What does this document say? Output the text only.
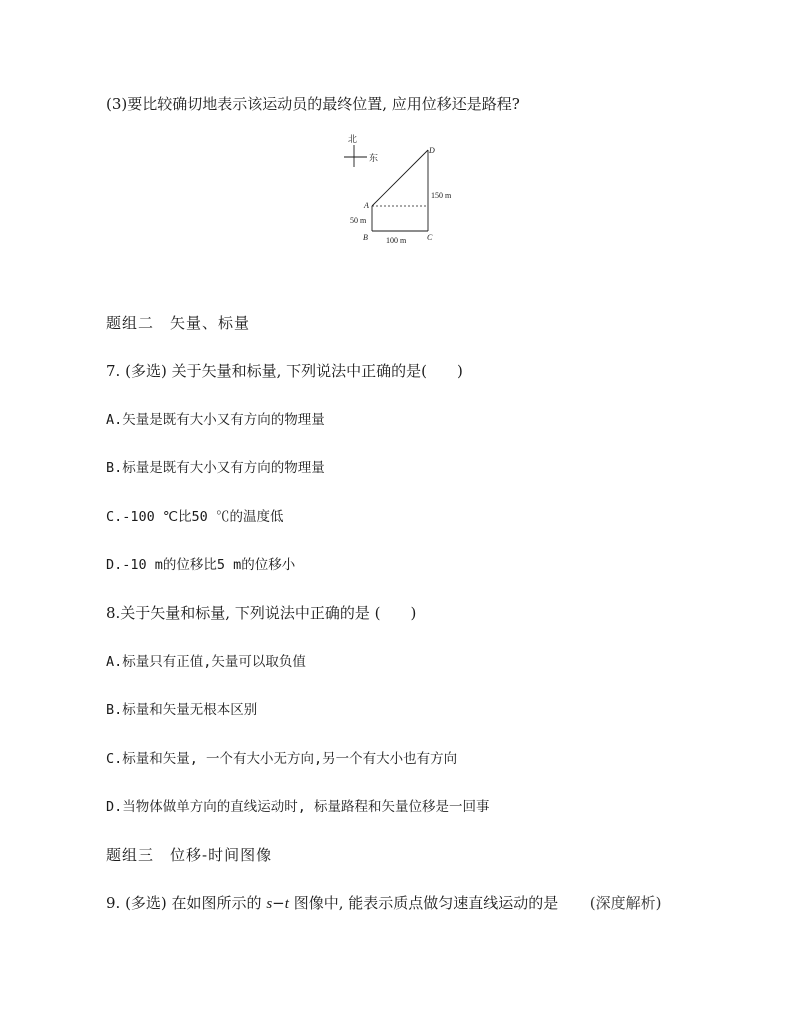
(3)要比较确切地表示该运动员的最终位置, 应用位移还是路程?
北
东
A
B	C
D
50 m
100 m
150 m
题组二　矢量、标量
7. (多选) 关于矢量和标量, 下列说法中正确的是( )
A.矢量是既有大小又有方向的物理量
B.标量是既有大小又有方向的物理量
C.-100 ℃比50 ℃的温度低
D.-10 m的位移比5 m的位移小
8.关于矢量和标量, 下列说法中正确的是 ( )
A.标量只有正值,矢量可以取负值
B.标量和矢量无根本区别
C.标量和矢量, 一个有大小无方向,另一个有大小也有方向
D.当物体做单方向的直线运动时, 标量路程和矢量位移是一回事
题组三　位移-时间图像
9. (多选) 在如图所示的 s−t 图像中, 能表示质点做匀速直线运动的是 (深度解析)
